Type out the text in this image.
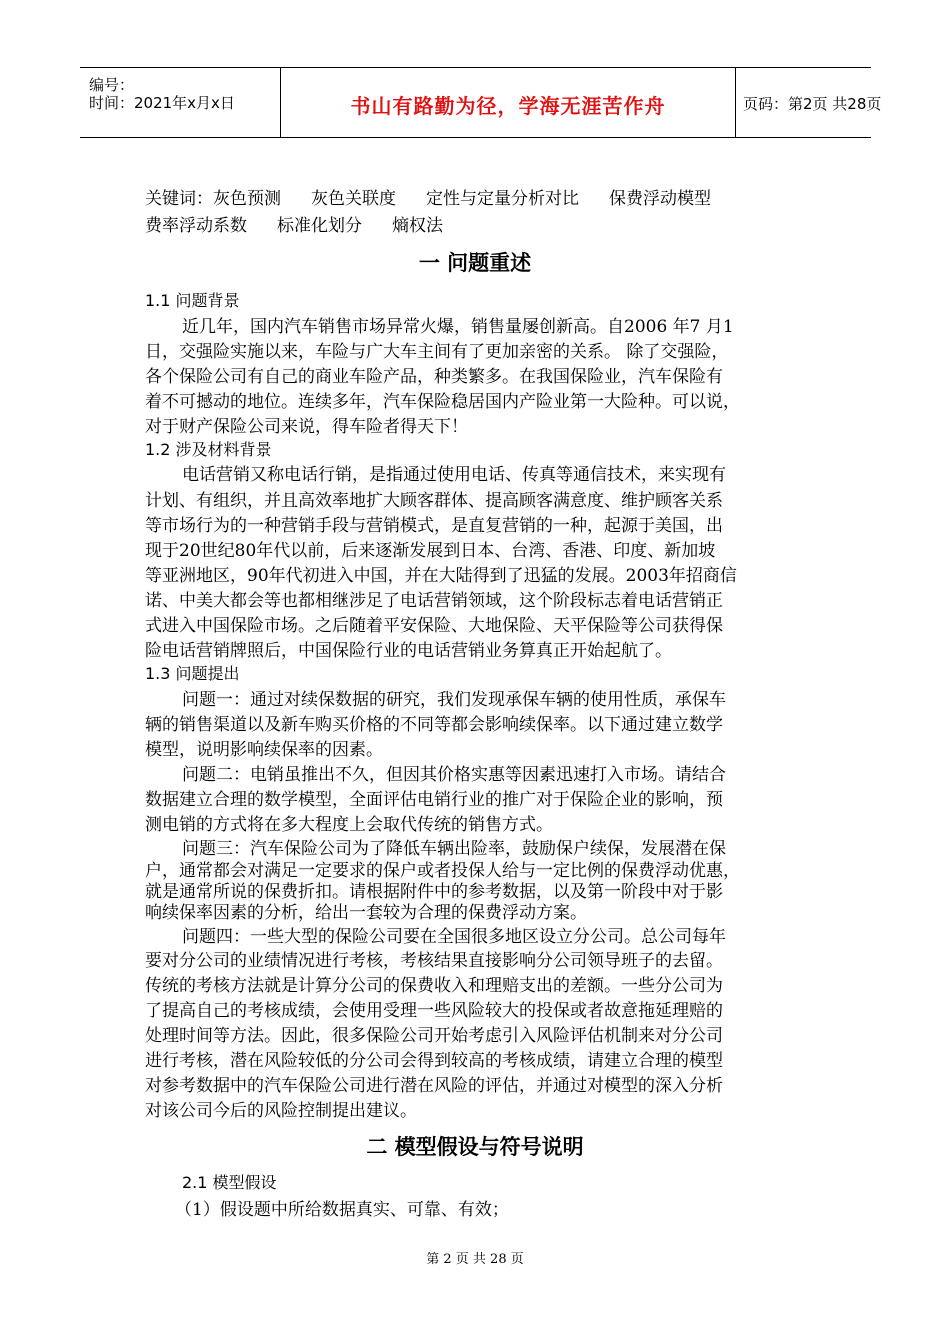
编号：
时间：2021年x月x日	书山有路勤为径，学海无涯苦作舟	页码：第2页 共28页
关键词：灰色预测 灰色关联度 定性与定量分析对比 保费浮动模型
费率浮动系数 标准化划分 熵权法
一 问题重述
1.1 问题背景
近几年，国内汽车销售市场异常火爆，销售量屡创新高。自2006 年7 月1
日，交强险实施以来，车险与广大车主间有了更加亲密的关系。 除了交强险，
各个保险公司有自己的商业车险产品，种类繁多。在我国保险业，汽车保险有
着不可撼动的地位。连续多年，汽车保险稳居国内产险业第一大险种。可以说，
对于财产保险公司来说，得车险者得天下！
1.2 涉及材料背景
电话营销又称电话行销，是指通过使用电话、传真等通信技术，来实现有
计划、有组织，并且高效率地扩大顾客群体、提高顾客满意度、维护顾客关系
等市场行为的一种营销手段与营销模式，是直复营销的一种，起源于美国，出
现于20世纪80年代以前，后来逐渐发展到日本、台湾、香港、印度、新加坡
等亚洲地区，90年代初进入中国，并在大陆得到了迅猛的发展。2003年招商信
诺、中美大都会等也都相继涉足了电话营销领域，这个阶段标志着电话营销正
式进入中国保险市场。之后随着平安保险、大地保险、天平保险等公司获得保
险电话营销牌照后，中国保险行业的电话营销业务算真正开始起航了。
1.3 问题提出
问题一：通过对续保数据的研究，我们发现承保车辆的使用性质，承保车
辆的销售渠道以及新车购买价格的不同等都会影响续保率。以下通过建立数学
模型，说明影响续保率的因素。
问题二：电销虽推出不久，但因其价格实惠等因素迅速打入市场。请结合
数据建立合理的数学模型，全面评估电销行业的推广对于保险企业的影响，预
测电销的方式将在多大程度上会取代传统的销售方式。
问题三：汽车保险公司为了降低车辆出险率，鼓励保户续保，发展潜在保
户，通常都会对满足一定要求的保户或者投保人给与一定比例的保费浮动优惠，
就是通常所说的保费折扣。请根据附件中的参考数据，以及第一阶段中对于影
响续保率因素的分析，给出一套较为合理的保费浮动方案。
问题四：一些大型的保险公司要在全国很多地区设立分公司。总公司每年
要对分公司的业绩情况进行考核，考核结果直接影响分公司领导班子的去留。
传统的考核方法就是计算分公司的保费收入和理赔支出的差额。一些分公司为
了提高自己的考核成绩，会使用受理一些风险较大的投保或者故意拖延理赔的
处理时间等方法。因此，很多保险公司开始考虑引入风险评估机制来对分公司
进行考核，潜在风险较低的分公司会得到较高的考核成绩，请建立合理的模型
对参考数据中的汽车保险公司进行潜在风险的评估，并通过对模型的深入分析
对该公司今后的风险控制提出建议。
二 模型假设与符号说明
2.1 模型假设
（1）假设题中所给数据真实、可靠、有效；
第 2 页 共 28 页
